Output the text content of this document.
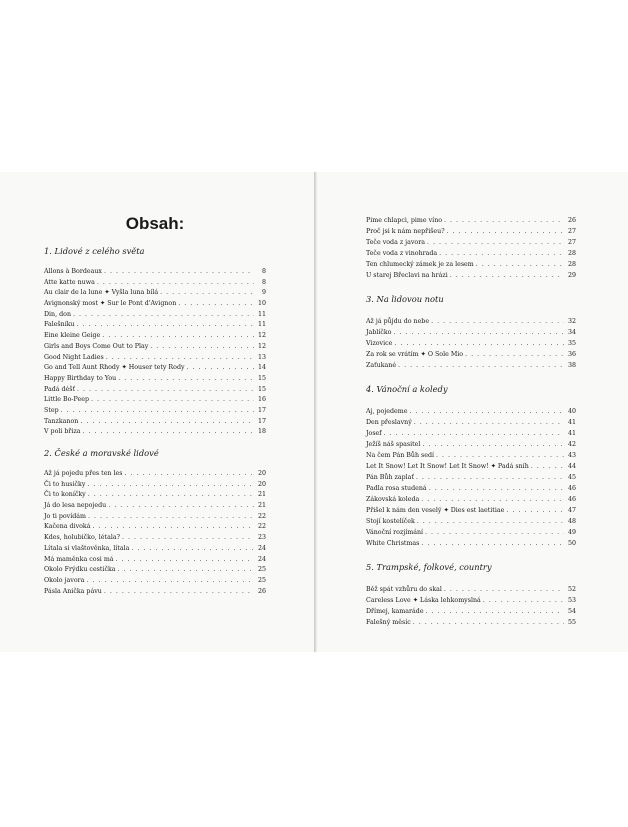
Obsah:
1. Lidové z celého světa
Allons à Bordeaux . . .	8
Atte katte nuwa . . .	8
Au clair de la lune ✦ Vyšla luna bílá . . .	9
Avignonský most ✦ Sur le Pont d'Avignon . . .	10
Din, don . . .	11
Falešníku . . .	11
Eine kleine Geige . . .	12
Girls and Boys Come Out to Play . . .	12
Good Night Ladies . . .	13
Go and Tell Aunt Rhody ✦ Houser tety Rody . . .	14
Happy Birthday to You . . .	15
Padá déšť . . .	15
Little Bo-Peep . . .	16
Step . . .	17
Tanzkanon . . .	17
V poli břiza . . .	18
2. České a moravské lidové
Až já pojedu přes ten les . . .	20
Či to husičky . . .	20
Či to koníčky . . .	21
Já do lesa nepojedu . . .	21
Jo ti povídám . . .	22
Kačena divoká . . .	22
Kdes, holubičko, létala? . . .	23
Lítala si vlaštověnka, lítala . . .	24
Má maměnka cosi má . . .	24
Okolo Frýdku cestička . . .	25
Okolo javora . . .	25
Pásla Anička pávu . . .	26
Pime chlapci, pime víno . . .	26
Proč jsi k nám nepřišeu? . . .	27
Teče voda z javora . . .	27
Teče voda z vinohrada . . .	28
Ten chlumecký zámek je za lesem . . .	28
U starej Břeclavi na hrázi . . .	29
3. Na lidovou notu
Až já půjdu do nebe . . .	32
Jablíčko . . .	34
Vizovice . . .	35
Za rok se vrátím ✦ O Sole Mio . . .	36
Zaťukané . . .	38
4. Vánoční a koledy
Aj, pojedeme . . .	40
Den přeslavný . . .	41
Josef . . .	41
Ježíš náš spasitel . . .	42
Na čem Pán Bůh sedí . . .	43
Let It Snow! Let It Snow! Let It Snow! ✦ Padá sníh . . .	44
Pán Bůh zaplať . . .	45
Padla rosa studená . . .	46
Zákovská koleda . . .	46
Přišel k nám den veselý ✦ Dies est laetitiae . . .	47
Stojí kostelíček . . .	48
Vánoční rozjímání . . .	49
White Christmas . . .	50
5. Trampské, folkové, country
Běž spát vzhůru do skal . . .	52
Careless Love ✦ Láska lehkomyslná . . .	53
Dřímej, kamaráde . . .	54
Falešný měsíc . . .	55
